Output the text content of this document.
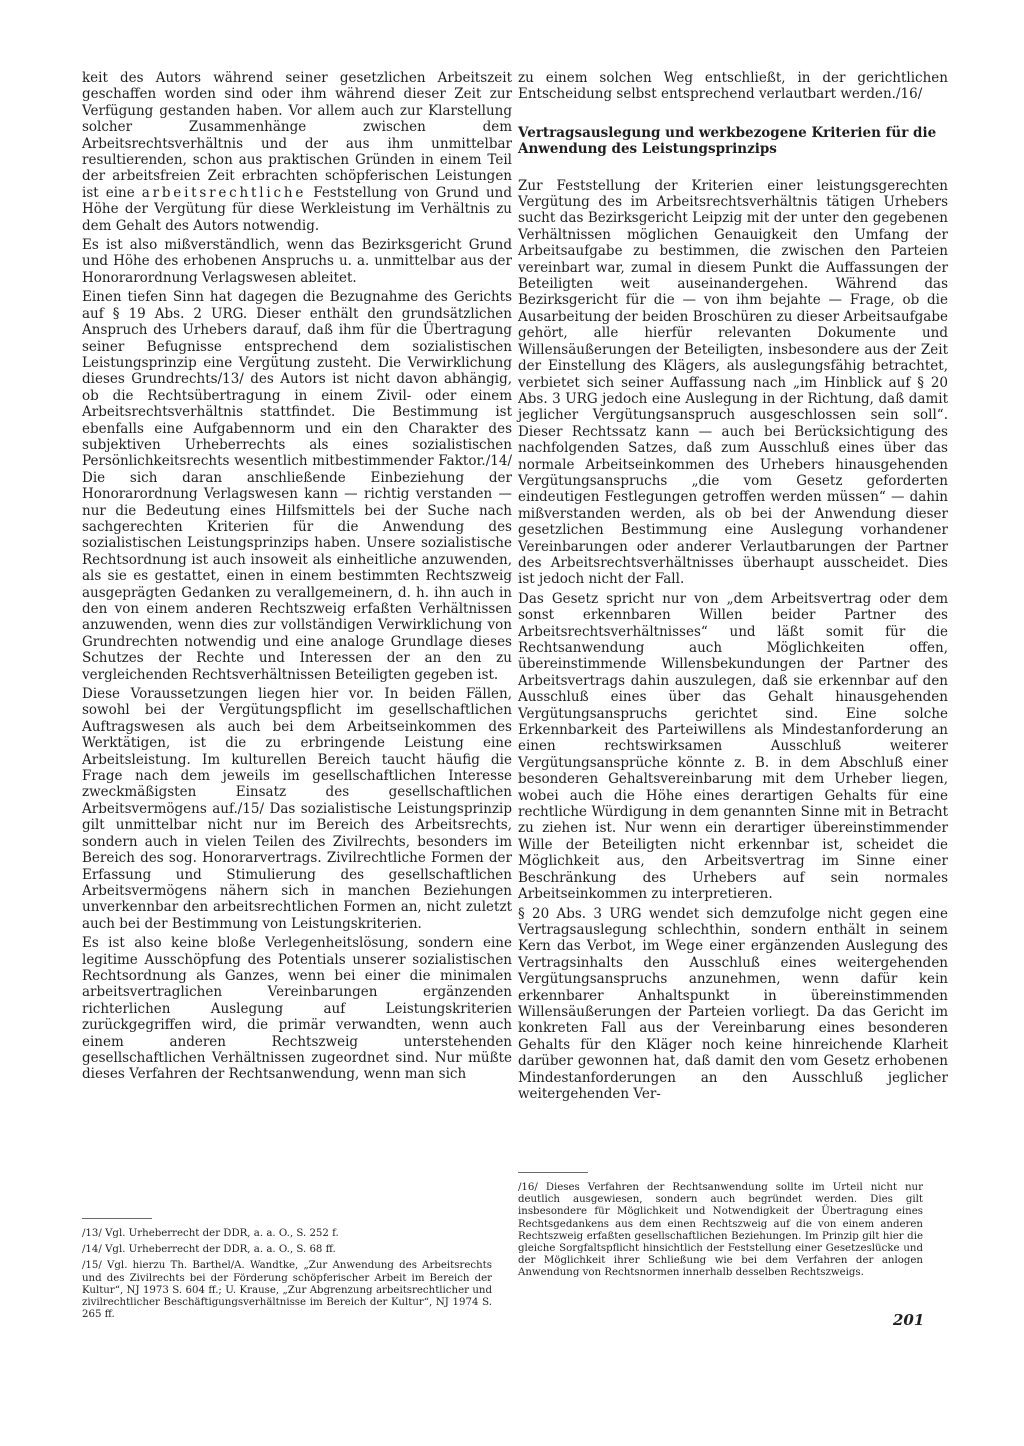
keit des Autors während seiner gesetzlichen Arbeitszeit geschaffen worden sind oder ihm während dieser Zeit zur Verfügung gestanden haben. Vor allem auch zur Klarstellung solcher Zusammenhänge zwischen dem Arbeitsrechtsverhältnis und der aus ihm unmittelbar resultierenden, schon aus praktischen Gründen in einem Teil der arbeitsfreien Zeit erbrachten schöpferischen Leistungen ist eine arbeitsrechtliche Feststellung von Grund und Höhe der Vergütung für diese Werkleistung im Verhältnis zu dem Gehalt des Autors notwendig.

Es ist also mißverständlich, wenn das Bezirksgericht Grund und Höhe des erhobenen Anspruchs u. a. unmittelbar aus der Honorarordnung Verlagswesen ableitet.

Einen tiefen Sinn hat dagegen die Bezugnahme des Gerichts auf § 19 Abs. 2 URG. Dieser enthält den grundsätzlichen Anspruch des Urhebers darauf, daß ihm für die Übertragung seiner Befugnisse entsprechend dem sozialistischen Leistungsprinzip eine Vergütung zusteht. Die Verwirklichung dieses Grundrechts/13/ des Autors ist nicht davon abhängig, ob die Rechtsübertragung in einem Zivil- oder einem Arbeitsrechtsverhältnis stattfindet. Die Bestimmung ist ebenfalls eine Aufgabennorm und ein den Charakter des subjektiven Urheberrechts als eines sozialistischen Persönlichkeitsrechts wesentlich mitbestimmender Faktor./14/ Die sich daran anschließende Einbeziehung der Honorarordnung Verlagswesen kann — richtig verstanden — nur die Bedeutung eines Hilfsmittels bei der Suche nach sachgerechten Kriterien für die Anwendung des sozialistischen Leistungsprinzips haben. Unsere sozialistische Rechtsordnung ist auch insoweit als einheitliche anzuwenden, als sie es gestattet, einen in einem bestimmten Rechtszweig ausgeprägten Gedanken zu verallgemeinern, d. h. ihn auch in den von einem anderen Rechtszweig erfaßten Verhältnissen anzuwenden, wenn dies zur vollständigen Verwirklichung von Grundrechten notwendig und eine analoge Grundlage dieses Schutzes der Rechte und Interessen der an den zu vergleichenden Rechtsverhältnissen Beteiligten gegeben ist.

Diese Voraussetzungen liegen hier vor. In beiden Fällen, sowohl bei der Vergütungspflicht im gesellschaftlichen Auftragswesen als auch bei dem Arbeitseinkommen des Werktätigen, ist die zu erbringende Leistung eine Arbeitsleistung. Im kulturellen Bereich taucht häufig die Frage nach dem jeweils im gesellschaftlichen Interesse zweckmäßigsten Einsatz des gesellschaftlichen Arbeitsvermögens auf./15/ Das sozialistische Leistungsprinzip gilt unmittelbar nicht nur im Bereich des Arbeitsrechts, sondern auch in vielen Teilen des Zivilrechts, besonders im Bereich des sog. Honorarvertrags. Zivilrechtliche Formen der Erfassung und Stimulierung des gesellschaftlichen Arbeitsvermögens nähern sich in manchen Beziehungen unverkennbar den arbeitsrechtlichen Formen an, nicht zuletzt auch bei der Bestimmung von Leistungskriterien.

Es ist also keine bloße Verlegenheitslösung, sondern eine legitime Ausschöpfung des Potentials unserer sozialistischen Rechtsordnung als Ganzes, wenn bei einer die minimalen arbeitsvertraglichen Vereinbarungen ergänzenden richterlichen Auslegung auf Leistungskriterien zurückgegriffen wird, die primär verwandten, wenn auch einem anderen Rechtszweig unterstehenden gesellschaftlichen Verhältnissen zugeordnet sind. Nur müßte dieses Verfahren der Rechtsanwendung, wenn man sich

zu einem solchen Weg entschließt, in der gerichtlichen Entscheidung selbst entsprechend verlautbart werden./16/

Vertragsauslegung und werkbezogene Kriterien für die Anwendung des Leistungsprinzips

Zur Feststellung der Kriterien einer leistungsgerechten Vergütung des im Arbeitsrechtsverhältnis tätigen Urhebers sucht das Bezirksgericht Leipzig mit der unter den gegebenen Verhältnissen möglichen Genauigkeit den Umfang der Arbeitsaufgabe zu bestimmen, die zwischen den Parteien vereinbart war, zumal in diesem Punkt die Auffassungen der Beteiligten weit auseinandergehen. Während das Bezirksgericht für die — von ihm bejahte — Frage, ob die Ausarbeitung der beiden Broschüren zu dieser Arbeitsaufgabe gehört, alle hierfür relevanten Dokumente und Willensäußerungen der Beteiligten, insbesondere aus der Zeit der Einstellung des Klägers, als auslegungsfähig betrachtet, verbietet sich seiner Auffassung nach „im Hinblick auf § 20 Abs. 3 URG jedoch eine Auslegung in der Richtung, daß damit jeglicher Vergütungsanspruch ausgeschlossen sein soll“. Dieser Rechtssatz kann — auch bei Berücksichtigung des nachfolgenden Satzes, daß zum Ausschluß eines über das normale Arbeitseinkommen des Urhebers hinausgehenden Vergütungsanspruchs „die vom Gesetz geforderten eindeutigen Festlegungen getroffen werden müssen“ — dahin mißverstanden werden, als ob bei der Anwendung dieser gesetzlichen Bestimmung eine Auslegung vorhandener Vereinbarungen oder anderer Verlautbarungen der Partner des Arbeitsrechtsverhältnisses überhaupt ausscheidet. Dies ist jedoch nicht der Fall.

Das Gesetz spricht nur von „dem Arbeitsvertrag oder dem sonst erkennbaren Willen beider Partner des Arbeitsrechtsverhältnisses“ und läßt somit für die Rechtsanwendung auch Möglichkeiten offen, übereinstimmende Willensbekundungen der Partner des Arbeitsvertrags dahin auszulegen, daß sie erkennbar auf den Ausschluß eines über das Gehalt hinausgehenden Vergütungsanspruchs gerichtet sind. Eine solche Erkennbarkeit des Parteiwillens als Mindestanforderung an einen rechtswirksamen Ausschluß weiterer Vergütungsansprüche könnte z. B. in dem Abschluß einer besonderen Gehaltsvereinbarung mit dem Urheber liegen, wobei auch die Höhe eines derartigen Gehalts für eine rechtliche Würdigung in dem genannten Sinne mit in Betracht zu ziehen ist. Nur wenn ein derartiger übereinstimmender Wille der Beteiligten nicht erkennbar ist, scheidet die Möglichkeit aus, den Arbeitsvertrag im Sinne einer Beschränkung des Urhebers auf sein normales Arbeitseinkommen zu interpretieren.

§ 20 Abs. 3 URG wendet sich demzufolge nicht gegen eine Vertragsauslegung schlechthin, sondern enthält in seinem Kern das Verbot, im Wege einer ergänzenden Auslegung des Vertragsinhalts den Ausschluß eines weitergehenden Vergütungsanspruchs anzunehmen, wenn dafür kein erkennbarer Anhaltspunkt in übereinstimmenden Willensäußerungen der Parteien vorliegt. Da das Gericht im konkreten Fall aus der Vereinbarung eines besonderen Gehalts für den Kläger noch keine hinreichende Klarheit darüber gewonnen hat, daß damit den vom Gesetz erhobenen Mindestanforderungen an den Ausschluß jeglicher weitergehenden Ver-

/13/ Vgl. Urheberrecht der DDR, a. a. O., S. 252 f.

/14/ Vgl. Urheberrecht der DDR, a. a. O., S. 68 ff.

/15/ Vgl. hierzu Th. Barthel/A. Wandtke, „Zur Anwendung des Arbeitsrechts und des Zivilrechts bei der Förderung schöpferischer Arbeit im Bereich der Kultur“, NJ 1973 S. 604 ff.; U. Krause, „Zur Abgrenzung arbeitsrechtlicher und zivilrechtlicher Beschäftigungsverhältnisse im Bereich der Kultur“, NJ 1974 S. 265 ff.

/16/ Dieses Verfahren der Rechtsanwendung sollte im Urteil nicht nur deutlich ausgewiesen, sondern auch begründet werden. Dies gilt insbesondere für Möglichkeit und Notwendigkeit der Übertragung eines Rechtsgedankens aus dem einen Rechtszweig auf die von einem anderen Rechtszweig erfaßten gesellschaftlichen Beziehungen. Im Prinzip gilt hier die gleiche Sorgfaltspflicht hinsichtlich der Feststellung einer Gesetzeslücke und der Möglichkeit ihrer Schließung wie bei dem Verfahren der anlogen Anwendung von Rechtsnormen innerhalb desselben Rechtszweigs.

201
